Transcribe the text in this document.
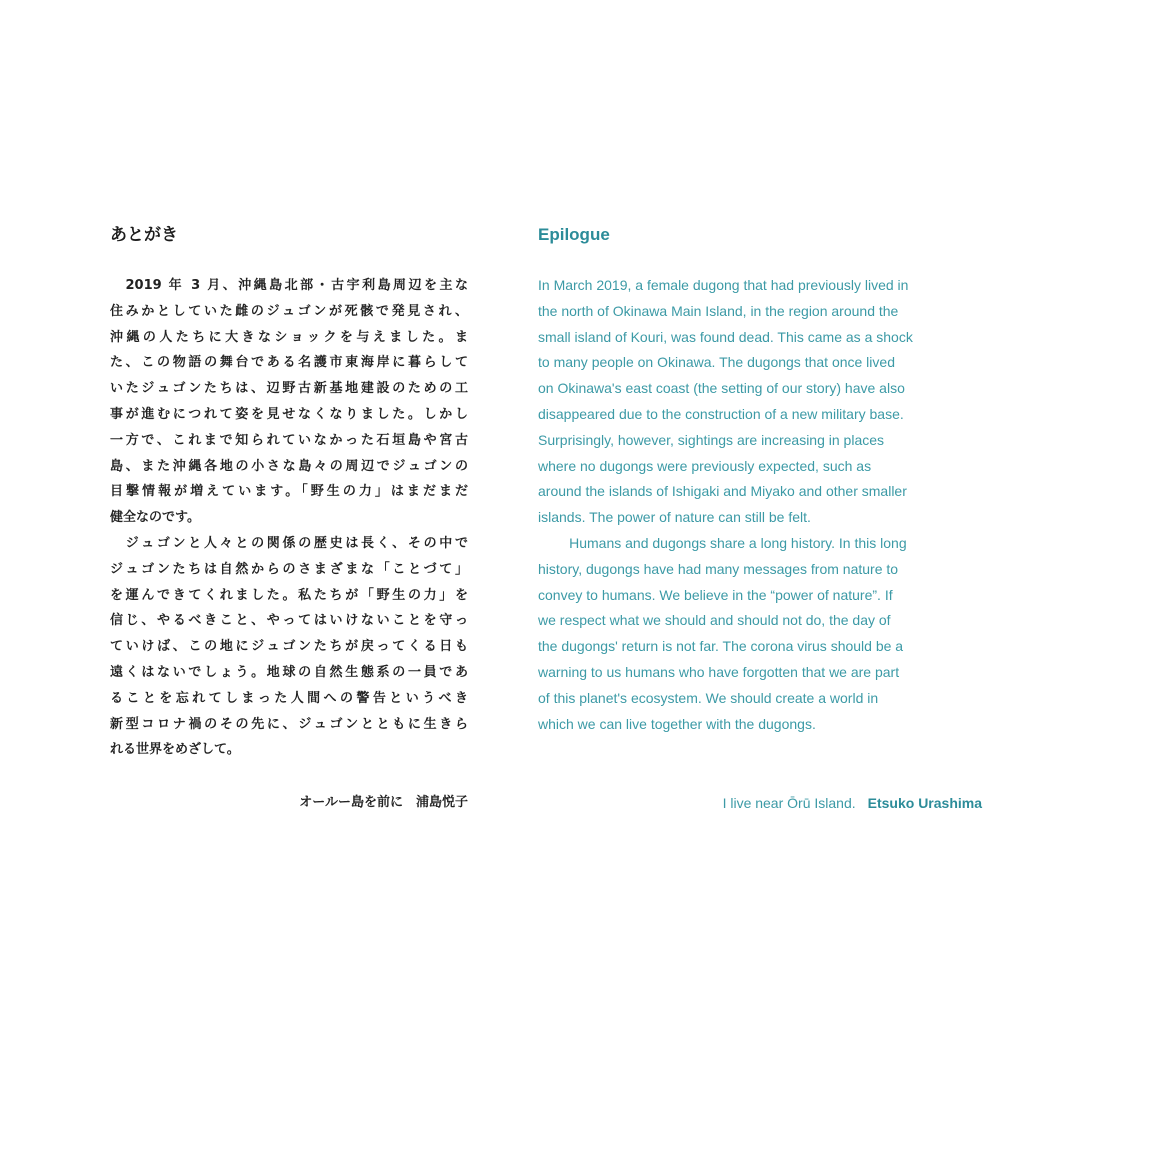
あとがき
　2019 年 3 月、沖縄島北部・古宇利島周辺を主な
住みかとしていた雌のジュゴンが死骸で発見され、
沖縄の人たちに大きなショックを与えました。ま
た、この物語の舞台である名護市東海岸に暮らして
いたジュゴンたちは、辺野古新基地建設のための工
事が進むにつれて姿を見せなくなりました。しかし
一方で、これまで知られていなかった石垣島や宮古
島、また沖縄各地の小さな島々の周辺でジュゴンの
目撃情報が増えています。「野生の力」はまだまだ
健全なのです。
　ジュゴンと人々との関係の歴史は長く、その中で
ジュゴンたちは自然からのさまざまな「ことづて」
を運んできてくれました。私たちが「野生の力」を
信じ、やるべきこと、やってはいけないことを守っ
ていけば、この地にジュゴンたちが戻ってくる日も
遠くはないでしょう。地球の自然生態系の一員であ
ることを忘れてしまった人間への警告というべき
新型コロナ禍のその先に、ジュゴンとともに生きら
れる世界をめざして。
オールー島を前に　浦島悦子
Epilogue
In March 2019, a female dugong that had previously lived in
the north of Okinawa Main Island, in the region around the
small island of Kouri, was found dead. This came as a shock
to many people on Okinawa. The dugongs that once lived
on Okinawa's east coast (the setting of our story) have also
disappeared due to the construction of a new military base.
Surprisingly, however, sightings are increasing in places
where no dugongs were previously expected, such as
around the islands of Ishigaki and Miyako and other smaller
islands. The power of nature can still be felt.
Humans and dugongs share a long history. In this long
history, dugongs have had many messages from nature to
convey to humans. We believe in the “power of nature”. If
we respect what we should and should not do, the day of
the dugongs' return is not far. The corona virus should be a
warning to us humans who have forgotten that we are part
of this planet's ecosystem. We should create a world in
which we can live together with the dugongs.
I live near Ōrū Island. Etsuko Urashima
